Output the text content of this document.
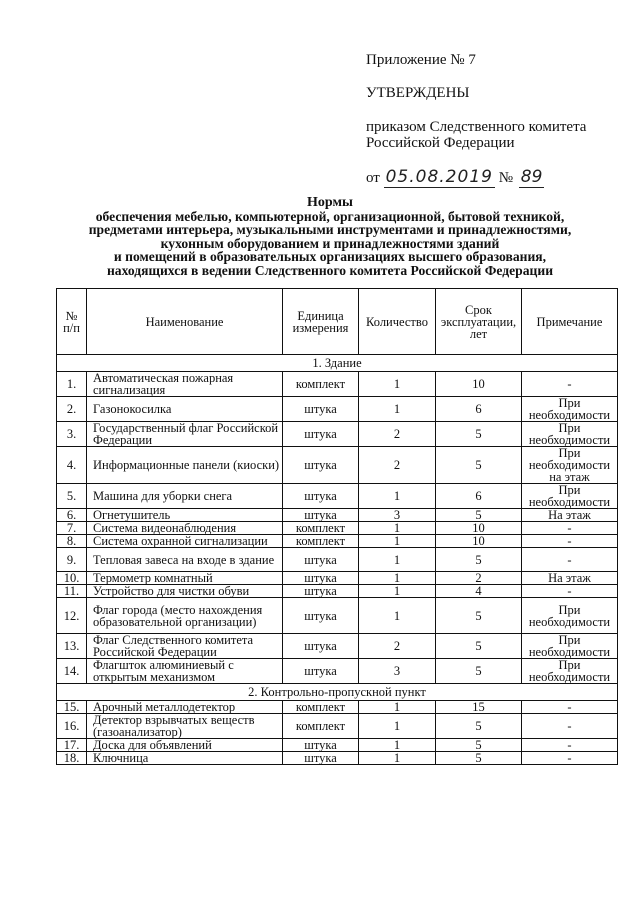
Приложение № 7
УТВЕРЖДЕНЫ
приказом Следственного комитета
Российской Федерации
от 05.08.2019 № 89
Нормы
обеспечения мебелью, компьютерной, организационной, бытовой техникой,
предметами интерьера, музыкальными инструментами и принадлежностями,
кухонным оборудованием и принадлежностями зданий
и помещений в образовательных организациях высшего образования,
находящихся в ведении Следственного комитета Российской Федерации
№ п/п	Наименование	Единица измерения	Количество	Срок эксплуатации, лет	Примечание
1. Здание					
1.	Автоматическая пожарная сигнализация	комплект	1	10	-
2.	Газонокосилка	штука	1	6	При необходимости
3.	Государственный флаг Российской Федерации	штука	2	5	При необходимости
4.	Информационные панели (киоски)	штука	2	5	При необходимости на этаж
5.	Машина для уборки снега	штука	1	6	При необходимости
6.	Огнетушитель	штука	3	5	На этаж
7.	Система видеонаблюдения	комплект	1	10	-
8.	Система охранной сигнализации	комплект	1	10	-
9.	Тепловая завеса на входе в здание	штука	1	5	-
10.	Термометр комнатный	штука	1	2	На этаж
11.	Устройство для чистки обуви	штука	1	4	-
12.	Флаг города (место нахождения образовательной организации)	штука	1	5	При необходимости
13.	Флаг Следственного комитета Российской Федерации	штука	2	5	При необходимости
14.	Флагшток алюминиевый с открытым механизмом	штука	3	5	При необходимости
2. Контрольно-пропускной пункт					
15.	Арочный металлодетектор	комплект	1	15	-
16.	Детектор взрывчатых веществ (газоанализатор)	комплект	1	5	-
17.	Доска для объявлений	штука	1	5	-
18.	Ключница	штука	1	5	-
